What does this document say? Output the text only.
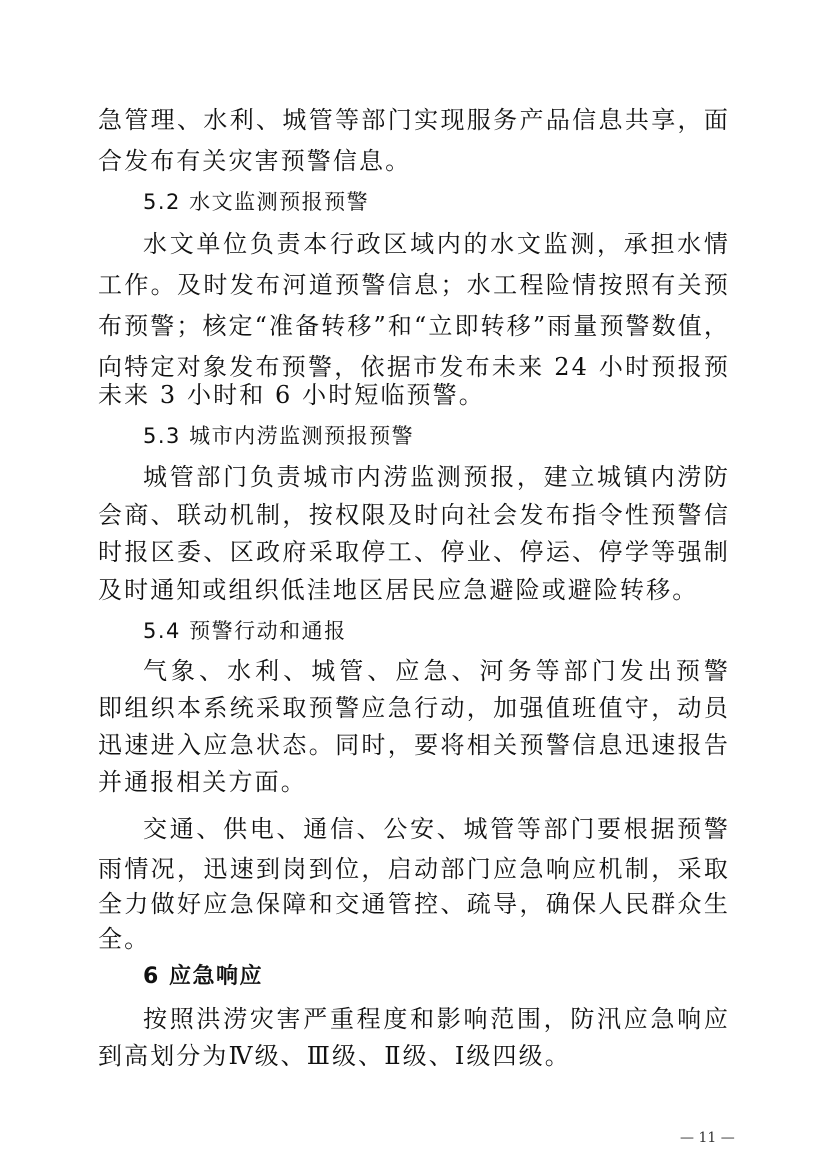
急管理、水利、城管等部门实现服务产品信息共享，面
合发布有关灾害预警信息。
5.2 水文监测预报预警
水文单位负责本行政区域内的水文监测，承担水情
工作。及时发布河道预警信息；水工程险情按照有关预
布预警；核定“准备转移”和“立即转移”雨量预警数值，
向特定对象发布预警，依据市发布未来 24 小时预报预
未来 3 小时和 6 小时短临预警。
5.3 城市内涝监测预报预警
城管部门负责城市内涝监测预报，建立城镇内涝防
会商、联动机制，按权限及时向社会发布指令性预警信
时报区委、区政府采取停工、停业、停运、停学等强制
及时通知或组织低洼地区居民应急避险或避险转移。
5.4 预警行动和通报
气象、水利、城管、应急、河务等部门发出预警
即组织本系统采取预警应急行动，加强值班值守，动员
迅速进入应急状态。同时，要将相关预警信息迅速报告
并通报相关方面。
交通、供电、通信、公安、城管等部门要根据预警
雨情况，迅速到岗到位，启动部门应急响应机制，采取
全力做好应急保障和交通管控、疏导，确保人民群众生
全。
6 应急响应
按照洪涝灾害严重程度和影响范围，防汛应急响应
到高划分为Ⅳ级、Ⅲ级、Ⅱ级、Ⅰ级四级。
— 11 —
